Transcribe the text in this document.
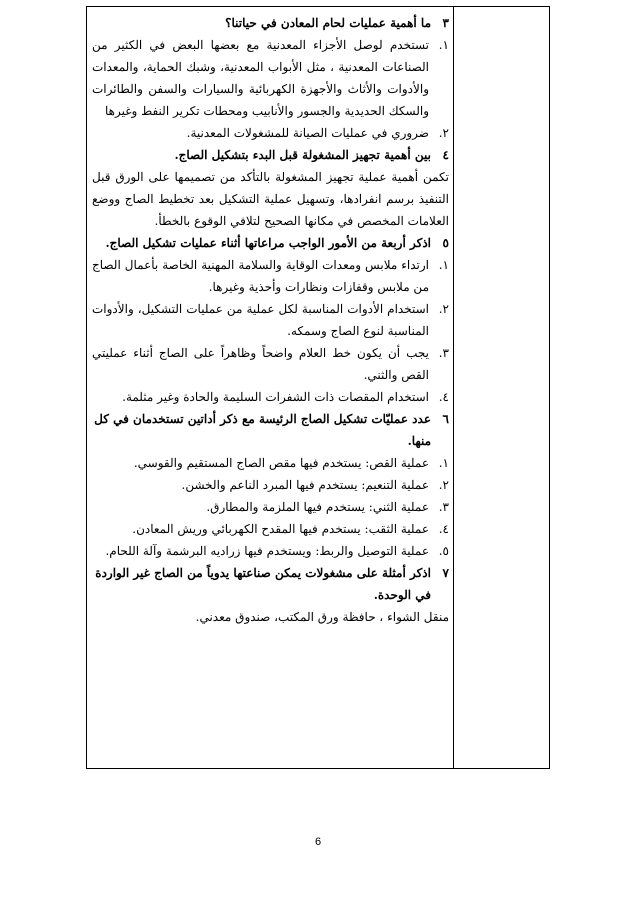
٣
ما أهمية عمليات لحام المعادن في حياتنا؟
١.
تستخدم لوصل الأجزاء المعدنية مع بعضها البعض في الكثير من الصناعات المعدنية ، مثل الأبواب المعدنية، وشبك الحماية، والمعدات والأدوات والأثاث والأجهزة الكهربائية والسيارات والسفن والطائرات والسكك الحديدية والجسور والأنابيب ومحطات تكرير النفط وغيرها
٢.
ضروري في عمليات الصيانة للمشغولات المعدنية.
٤
بين أهمية تجهيز المشغولة قبل البدء بتشكيل الصاج.
تكمن أهمية عملية تجهيز المشغولة بالتأكد من تصميمها على الورق قبل التنفيذ برسم انفرادها، وتسهيل عملية التشكيل بعد تخطيط الصاج ووضع العلامات المخصص في مكانها الصحيح لتلافي الوقوع بالخطأ.
٥
اذكر أربعة من الأمور الواجب مراعاتها أثناء عمليات تشكيل الصاج.
١.
ارتداء ملابس ومعدات الوقاية والسلامة المهنية الخاصة بأعمال الصاج من ملابس وقفازات ونظارات وأحذية وغيرها.
٢.
استخدام الأدوات المناسبة لكل عملية من عمليات التشكيل، والأدوات المناسبة لنوع الصاج وسمكه.
٣.
يجب أن يكون خط العلام واضحاً وظاهراً على الصاج أثناء عمليتي القص والثني.
٤.
استخدام المقصات ذات الشفرات السليمة والحادة وغير مثلمة.
٦
عدد عمليّات تشكيل الصاج الرئيسة مع ذكر أداتين تستخدمان في كل منها.
١.
عملية القص: يستخدم فيها مقص الصاج المستقيم والقوسي.
٢.
عملية التنعيم: يستخدم فيها المبرد الناعم والخشن.
٣.
عملية الثني: يستخدم فيها الملزمة والمطارق.
٤.
عملية الثقب: يستخدم فيها المقدح الكهربائي وريش المعادن.
٥.
عملية التوصيل والربط: ويستخدم فيها زراديه البرشمة وآلة اللحام.
٧
اذكر أمثلة على مشغولات يمكن صناعتها يدوياً من الصاج غير الواردة في الوحدة.
منقل الشواء ، حافظة ورق المكتب، صندوق معدني.
6
